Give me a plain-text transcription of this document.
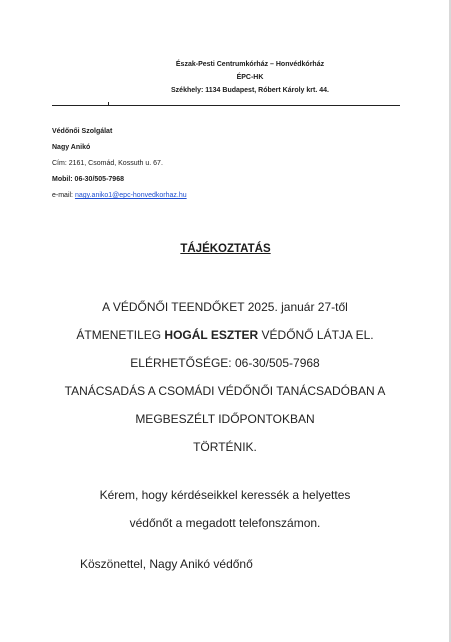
Észak-Pesti Centrumkórház – Honvédkórház
ÉPC-HK
Székhely: 1134 Budapest, Róbert Károly krt. 44.
Védőnői Szolgálat
Nagy Anikó
Cím: 2161, Csomád, Kossuth u. 67.
Mobil: 06-30/505-7968
e-mail: nagy.aniko1@epc-honvedkorhaz.hu
TÁJÉKOZTATÁS
A VÉDŐNŐI TEENDŐKET 2025. január 27-től
ÁTMENETILEG HOGÁL ESZTER VÉDŐNŐ LÁTJA EL.
ELÉRHETŐSÉGE: 06-30/505-7968
TANÁCSADÁS A CSOMÁDI VÉDŐNŐI TANÁCSADÓBAN A
MEGBESZÉLT IDŐPONTOKBAN
TÖRTÉNIK.
Kérem, hogy kérdéseikkel keressék a helyettes
védőnőt a megadott telefonszámon.
Köszönettel, Nagy Anikó védőnő
